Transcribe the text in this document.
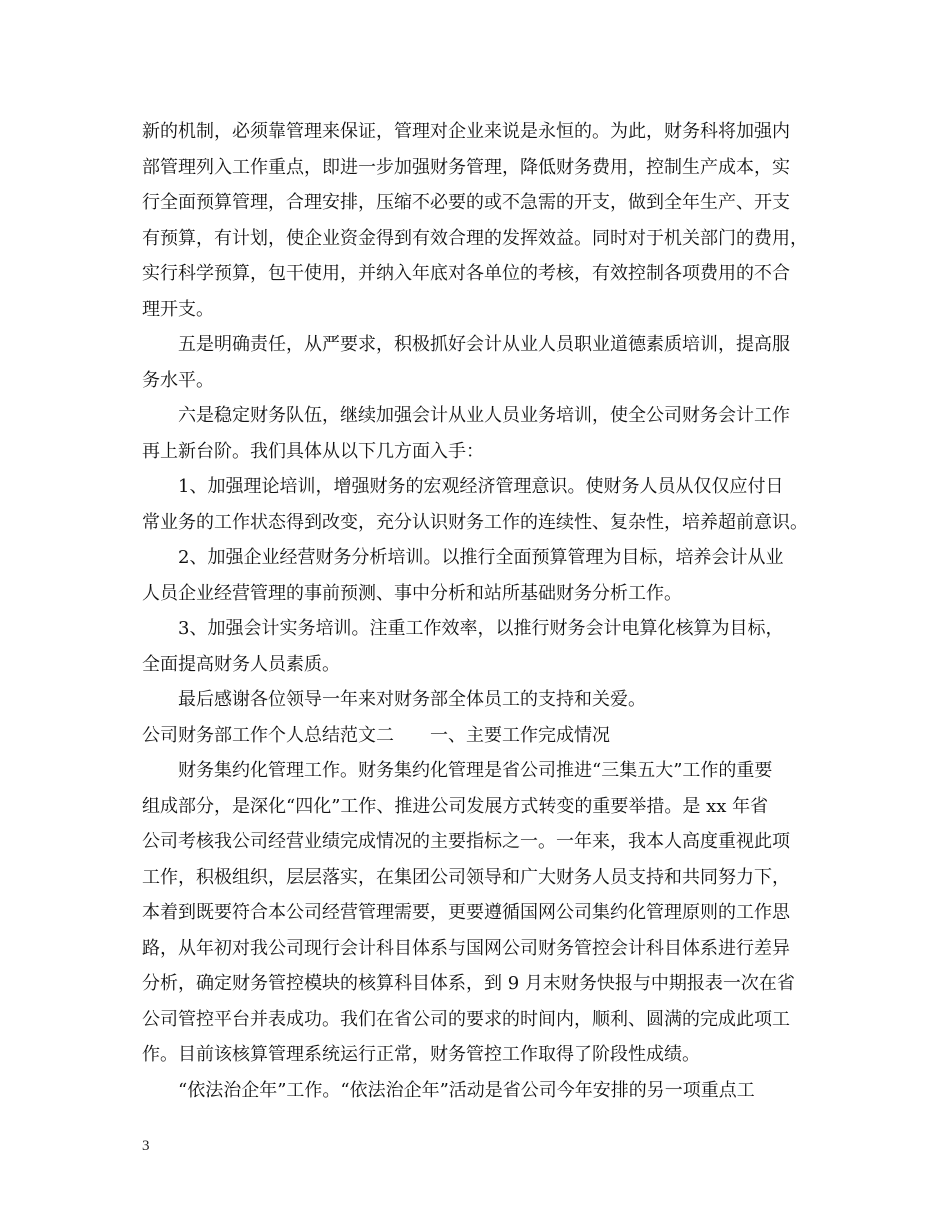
新的机制，必须靠管理来保证，管理对企业来说是永恒的。为此，财务科将加强内
部管理列入工作重点，即进一步加强财务管理，降低财务费用，控制生产成本，实
行全面预算管理，合理安排，压缩不必要的或不急需的开支，做到全年生产、开支
有预算，有计划，使企业资金得到有效合理的发挥效益。同时对于机关部门的费用，
实行科学预算，包干使用，并纳入年底对各单位的考核，有效控制各项费用的不合
理开支。
五是明确责任，从严要求，积极抓好会计从业人员职业道德素质培训，提高服
务水平。
六是稳定财务队伍，继续加强会计从业人员业务培训，使全公司财务会计工作
再上新台阶。我们具体从以下几方面入手：
1、加强理论培训，增强财务的宏观经济管理意识。使财务人员从仅仅应付日
常业务的工作状态得到改变，充分认识财务工作的连续性、复杂性，培养超前意识。
2、加强企业经营财务分析培训。以推行全面预算管理为目标，培养会计从业
人员企业经营管理的事前预测、事中分析和站所基础财务分析工作。
3、加强会计实务培训。注重工作效率，以推行财务会计电算化核算为目标，
全面提高财务人员素质。
最后感谢各位领导一年来对财务部全体员工的支持和关爱。
公司财务部工作个人总结范文二　　一、主要工作完成情况
财务集约化管理工作。财务集约化管理是省公司推进“三集五大”工作的重要
组成部分，是深化“四化”工作、推进公司发展方式转变的重要举措。是 xx 年省
公司考核我公司经营业绩完成情况的主要指标之一。一年来，我本人高度重视此项
工作，积极组织，层层落实，在集团公司领导和广大财务人员支持和共同努力下，
本着到既要符合本公司经营管理需要，更要遵循国网公司集约化管理原则的工作思
路，从年初对我公司现行会计科目体系与国网公司财务管控会计科目体系进行差异
分析，确定财务管控模块的核算科目体系，到 9 月末财务快报与中期报表一次在省
公司管控平台并表成功。我们在省公司的要求的时间内，顺利、圆满的完成此项工
作。目前该核算管理系统运行正常，财务管控工作取得了阶段性成绩。
“依法治企年”工作。“依法治企年”活动是省公司今年安排的另一项重点工
3
